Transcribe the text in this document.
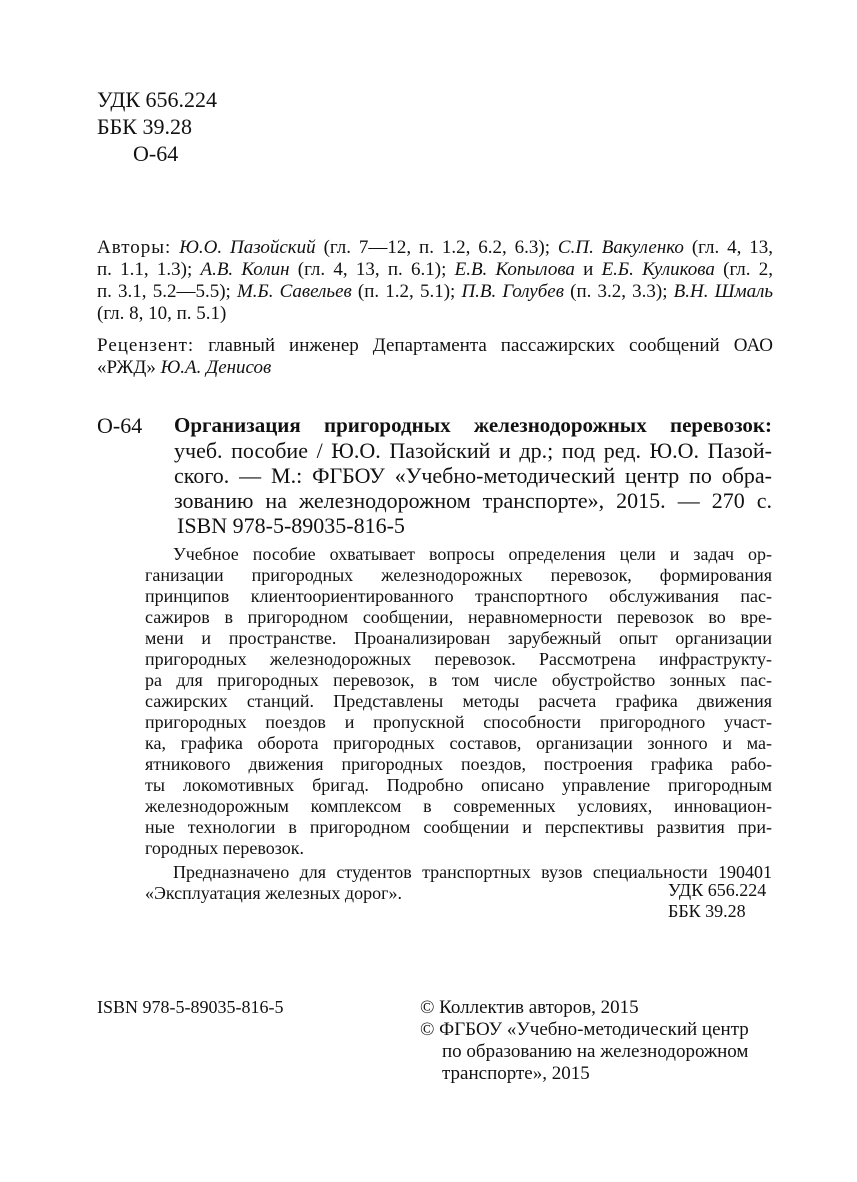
УДК 656.224
ББК 39.28
О-64
Авторы: Ю.О. Пазойский (гл. 7—12, п. 1.2, 6.2, 6.3); С.П. Вакуленко (гл. 4, 13,
п. 1.1, 1.3); А.В. Колин (гл. 4, 13, п. 6.1); Е.В. Копылова и Е.Б. Куликова (гл. 2,
п. 3.1, 5.2—5.5); М.Б. Савельев (п. 1.2, 5.1); П.В. Голубев (п. 3.2, 3.3); В.Н. Шмаль
(гл. 8, 10, п. 5.1)
Рецензент: главный инженер Департамента пассажирских сообщений ОАО
«РЖД» Ю.А. Денисов
О-64 Организация пригородных железнодорожных перевозок:
учеб. пособие / Ю.О. Пазойский и др.; под ред. Ю.О. Пазой-
ского. — М.: ФГБОУ «Учебно-методический центр по обра-
зованию на железнодорожном транспорте», 2015. — 270 с.
ISBN 978-5-89035-816-5
Учебное пособие охватывает вопросы определения цели и задач ор-
ганизации пригородных железнодорожных перевозок, формирования
принципов клиентоориентированного транспортного обслуживания пас-
сажиров в пригородном сообщении, неравномерности перевозок во вре-
мени и пространстве. Проанализирован зарубежный опыт организации
пригородных железнодорожных перевозок. Рассмотрена инфраструкту-
ра для пригородных перевозок, в том числе обустройство зонных пас-
сажирских станций. Представлены методы расчета графика движения
пригородных поездов и пропускной способности пригородного участ-
ка, графика оборота пригородных составов, организации зонного и ма-
ятникового движения пригородных поездов, построения графика рабо-
ты локомотивных бригад. Подробно описано управление пригородным
железнодорожным комплексом в современных условиях, инновацион-
ные технологии в пригородном сообщении и перспективы развития при-
городных перевозок.
Предназначено для студентов транспортных вузов специальности 190401
«Эксплуатация железных дорог».	УДК 656.224
ББК 39.28
ISBN 978-5-89035-816-5	© Коллектив авторов, 2015
© ФГБОУ «Учебно-методический центр
по образованию на железнодорожном
транспорте», 2015
